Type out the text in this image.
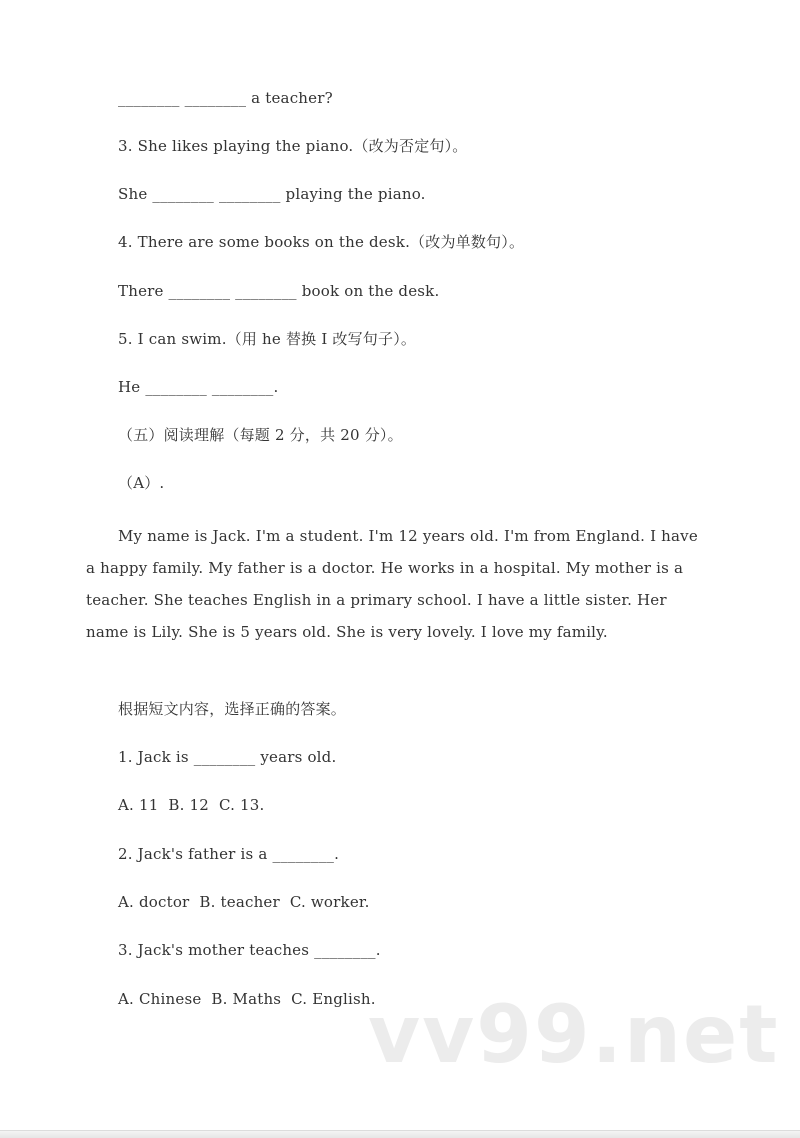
________ ________ a teacher?
3. She likes playing the piano.（改为否定句）。
She ________ ________ playing the piano.
4. There are some books on the desk.（改为单数句）。
There ________ ________ book on the desk.
5. I can swim.（用 he 替换 I 改写句子）。
He ________ ________.
（五）阅读理解（每题 2 分，共 20 分）。
（A）.

My name is Jack. I'm a student. I'm 12 years old. I'm from England. I have a happy family. My father is a doctor. He works in a hospital. My mother is a teacher. She teaches English in a primary school. I have a little sister. Her name is Lily. She is 5 years old. She is very lovely. I love my family.

根据短文内容，选择正确的答案。
1. Jack is ________ years old.
A. 11  B. 12  C. 13.
2. Jack's father is a ________.
A. doctor  B. teacher  C. worker.
3. Jack's mother teaches ________.
A. Chinese  B. Maths  C. English.
vv99.net
